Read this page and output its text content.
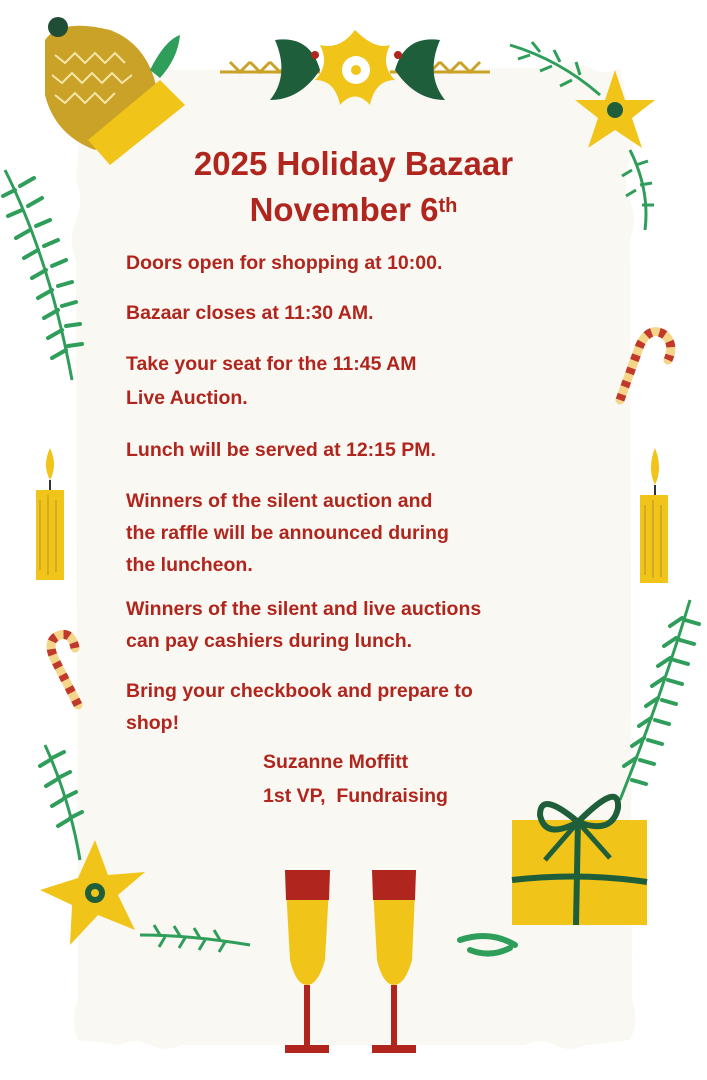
2025 Holiday Bazaar
November 6th

Doors open for shopping at 10:00.

Bazaar closes at 11:30 AM.

Take your seat for the 11:45 AM

Live Auction.

Lunch will be served at 12:15 PM.

Winners of the silent auction and

the raffle will be announced during

the luncheon.

Winners of the silent and live auctions

can pay cashiers during lunch.

Bring your checkbook and prepare to

shop!

Suzanne Moffitt

1st VP,  Fundraising
